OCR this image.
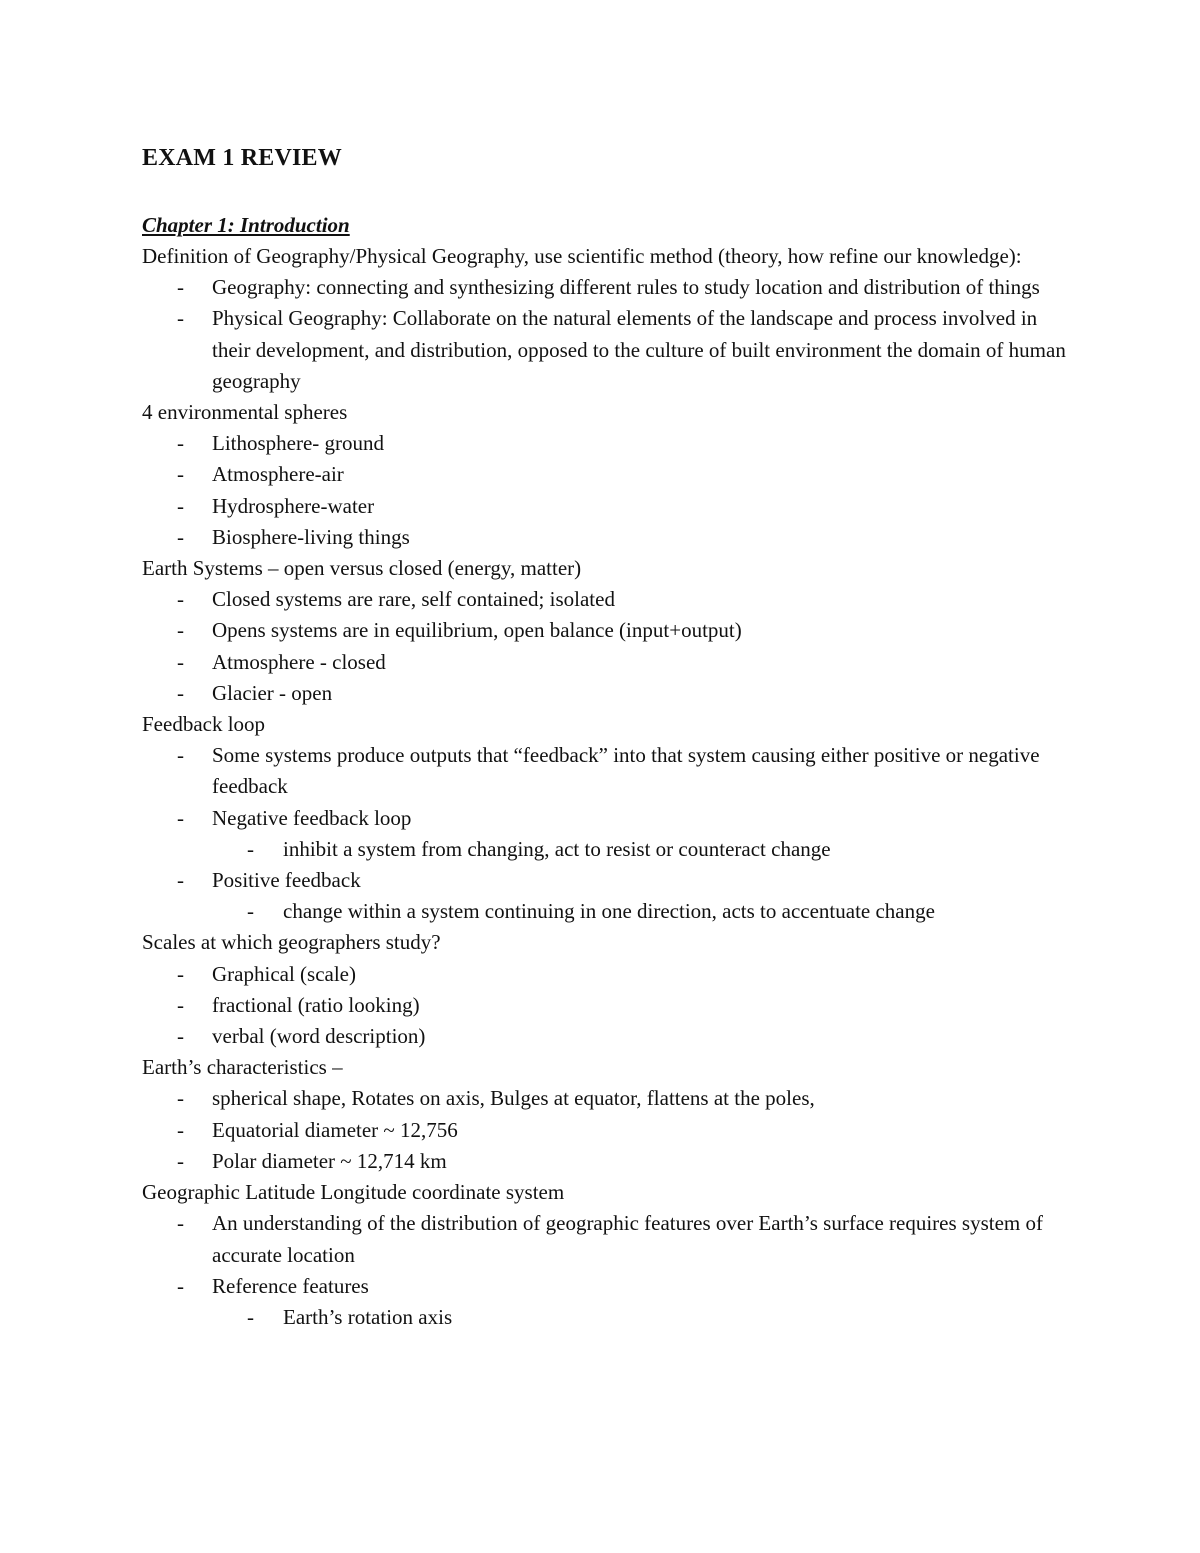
EXAM 1 REVIEW
Chapter 1: Introduction
Definition of Geography/Physical Geography, use scientific method (theory, how refine our knowledge):
- Geography: connecting and synthesizing different rules to study location and distribution of things
- Physical Geography: Collaborate on the natural elements of the landscape and process involved in their development, and distribution, opposed to the culture of built environment the domain of human geography
4 environmental spheres
- Lithosphere- ground
- Atmosphere-air
- Hydrosphere-water
- Biosphere-living things
Earth Systems – open versus closed (energy, matter)
- Closed systems are rare, self contained; isolated
- Opens systems are in equilibrium, open balance (input+output)
- Atmosphere - closed
- Glacier - open
Feedback loop
- Some systems produce outputs that “feedback” into that system causing either positive or negative feedback
- Negative feedback loop
- inhibit a system from changing, act to resist or counteract change
- Positive feedback
- change within a system continuing in one direction, acts to accentuate change
Scales at which geographers study?
- Graphical (scale)
- fractional (ratio looking)
- verbal (word description)
Earth’s characteristics –
- spherical shape, Rotates on axis, Bulges at equator, flattens at the poles,
- Equatorial diameter ~ 12,756
- Polar diameter ~ 12,714 km
Geographic Latitude Longitude coordinate system
- An understanding of the distribution of geographic features over Earth’s surface requires system of accurate location
- Reference features
- Earth’s rotation axis
